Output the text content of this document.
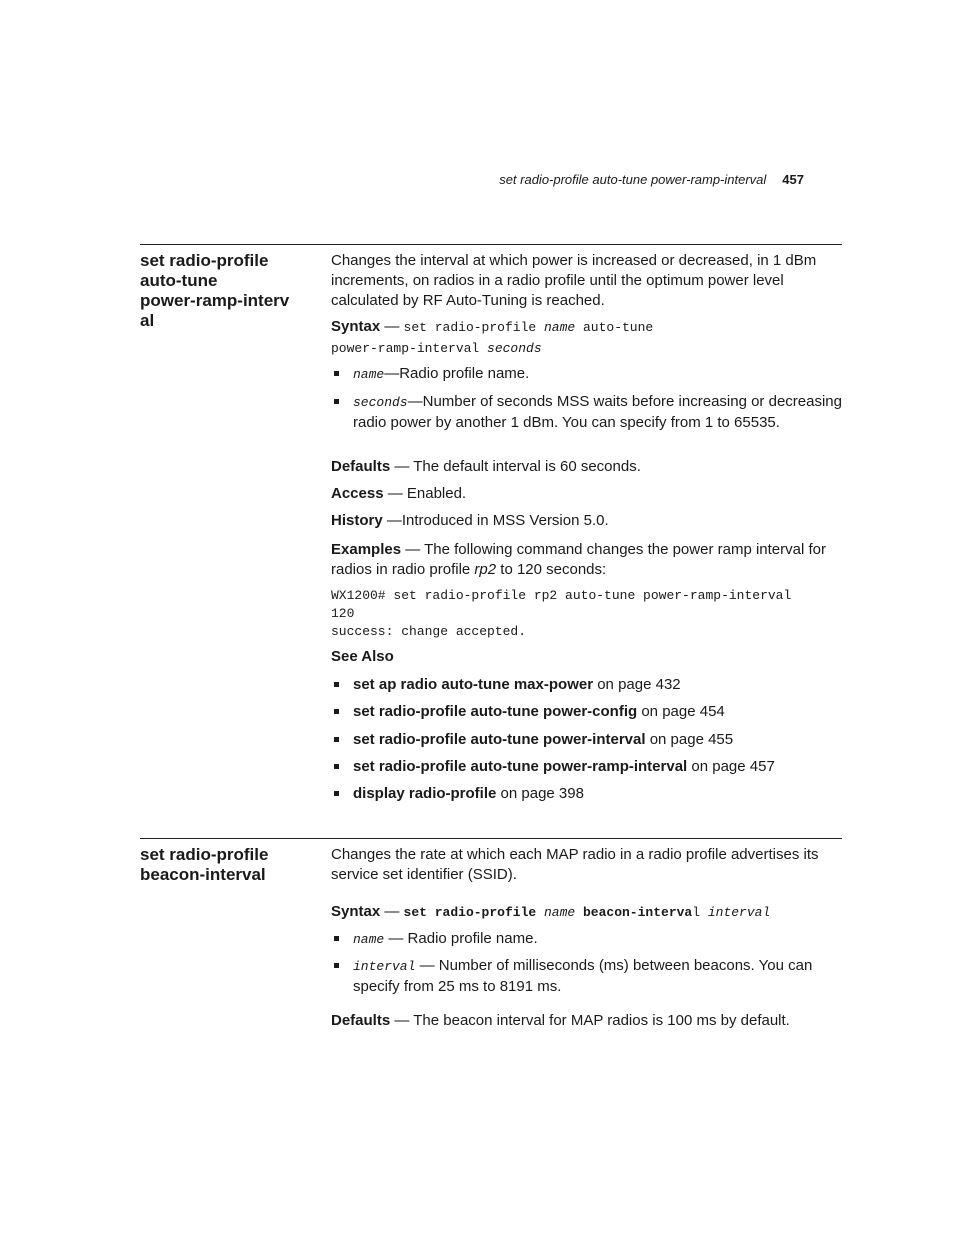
set radio-profile auto-tune power-ramp-interval 457
set radio-profile
auto-tune
power-ramp-interv
al
Changes the interval at which power is increased or decreased, in 1 dBm increments, on radios in a radio profile until the optimum power level calculated by RF Auto-Tuning is reached.
Syntax — set radio-profile name auto-tune
power-ramp-interval seconds
name—Radio profile name.
seconds—Number of seconds MSS waits before increasing or decreasing radio power by another 1 dBm. You can specify from 1 to 65535.
Defaults — The default interval is 60 seconds.
Access — Enabled.
History —Introduced in MSS Version 5.0.
Examples — The following command changes the power ramp interval for radios in radio profile rp2 to 120 seconds:
WX1200# set radio-profile rp2 auto-tune power-ramp-interval
120
success: change accepted.
See Also
set ap radio auto-tune max-power on page 432
set radio-profile auto-tune power-config on page 454
set radio-profile auto-tune power-interval on page 455
set radio-profile auto-tune power-ramp-interval on page 457
display radio-profile on page 398
set radio-profile
beacon-interval
Changes the rate at which each MAP radio in a radio profile advertises its service set identifier (SSID).
Syntax — set radio-profile name beacon-interval interval
name — Radio profile name.
interval — Number of milliseconds (ms) between beacons. You can specify from 25 ms to 8191 ms.
Defaults — The beacon interval for MAP radios is 100 ms by default.
